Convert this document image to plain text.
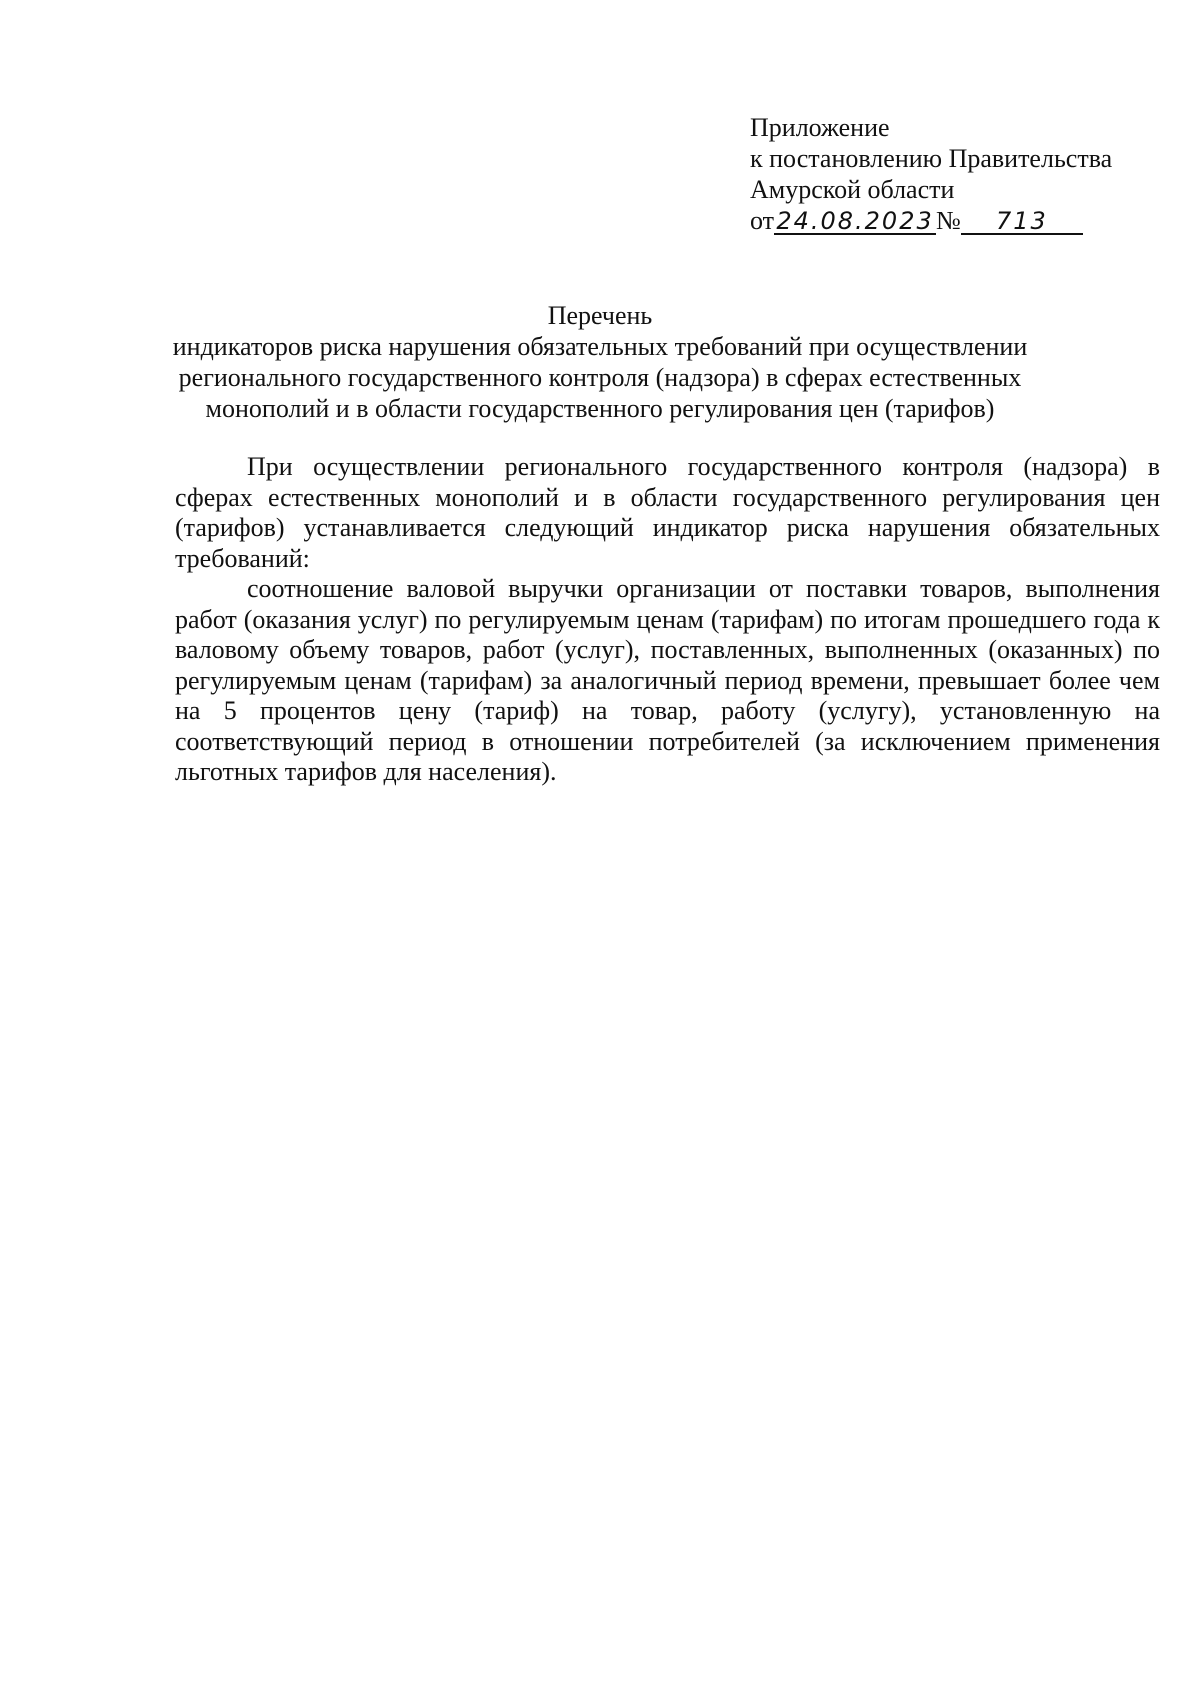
Приложение
к постановлению Правительства
Амурской области
от24.08.2023№ 713
Перечень
индикаторов риска нарушения обязательных требований при осуществлении
регионального государственного контроля (надзора) в сферах естественных
монополий и в области государственного регулирования цен (тарифов)

При осуществлении регионального государственного контроля (надзора) в сферах естественных монополий и в области государственного регулирования цен (тарифов) устанавливается следующий индикатор риска нарушения обязательных требований:

соотношение валовой выручки организации от поставки товаров, выполнения работ (оказания услуг) по регулируемым ценам (тарифам) по итогам прошедшего года к валовому объему товаров, работ (услуг), поставленных, выполненных (оказанных) по регулируемым ценам (тарифам) за аналогичный период времени, превышает более чем на 5 процентов цену (тариф) на товар, работу (услугу), установленную на соответствующий период в отношении потребителей (за исключением применения льготных тарифов для населения).
